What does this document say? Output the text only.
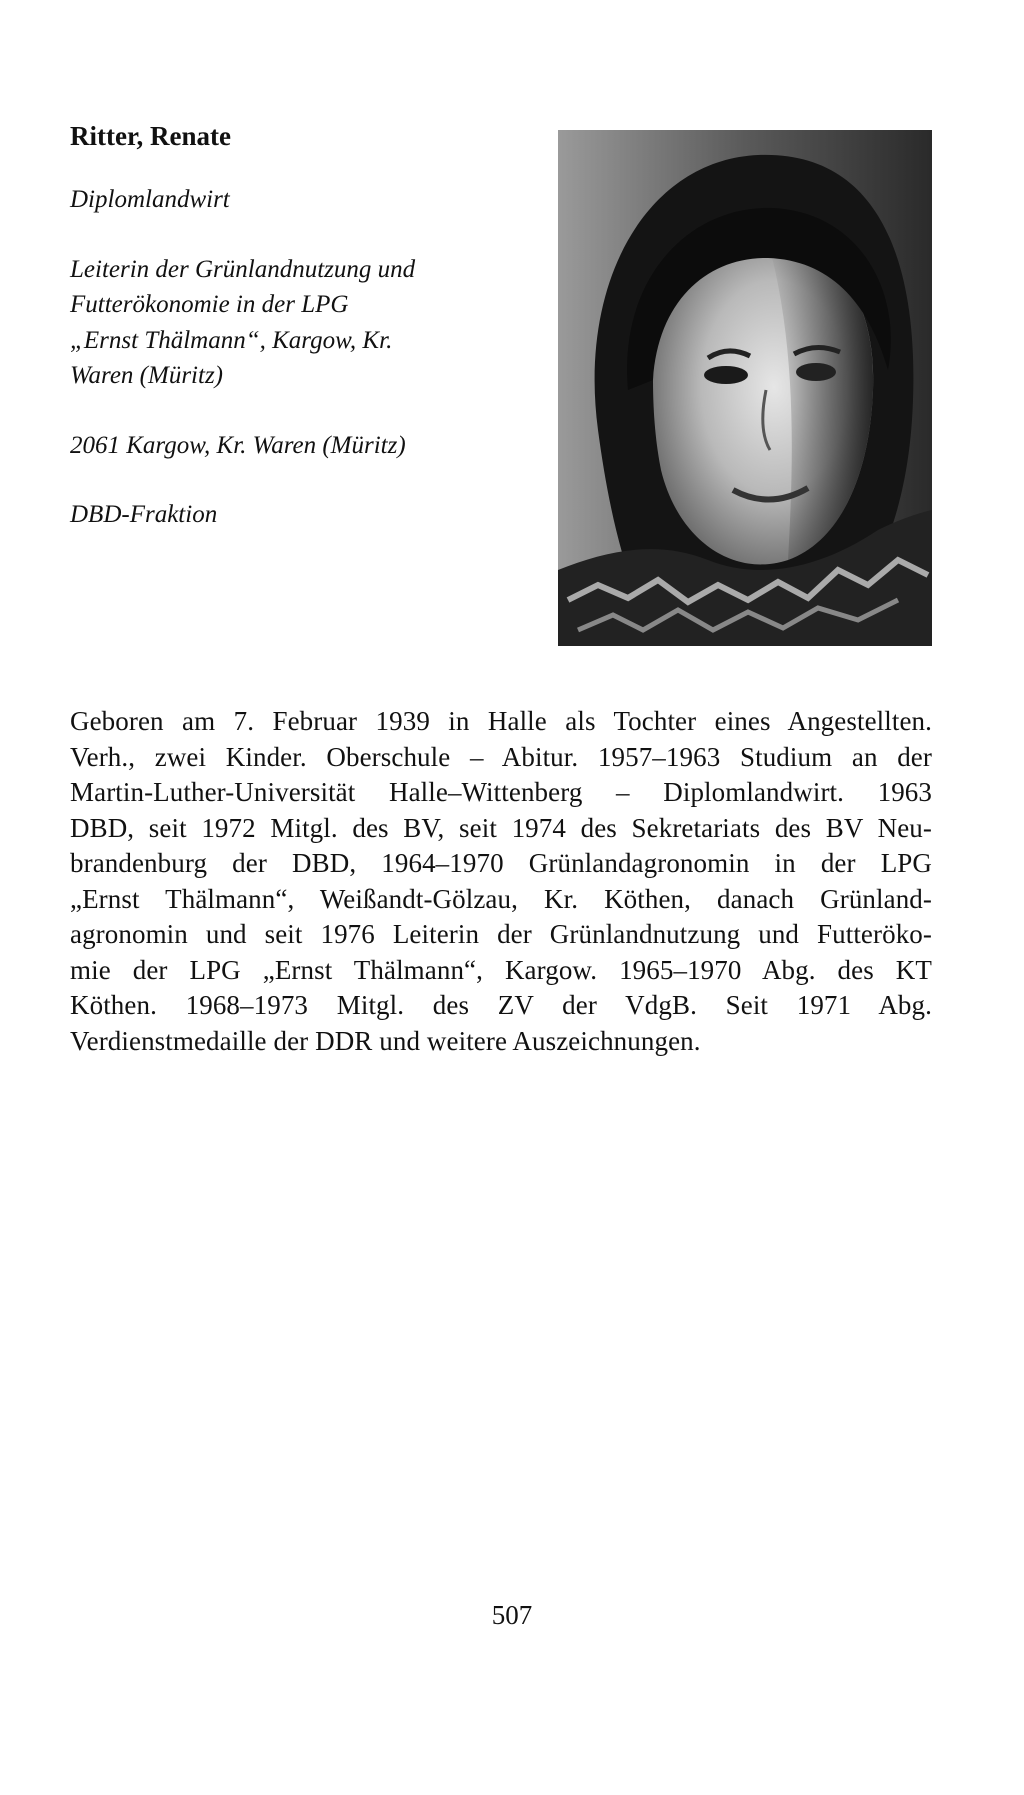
Ritter, Renate
Diplomlandwirt
Leiterin der Grünlandnutzung und
Futterökonomie in der LPG
„Ernst Thälmann“, Kargow, Kr.
Waren (Müritz)
2061 Kargow, Kr. Waren (Müritz)
DBD-Fraktion

Geboren am 7. Februar 1939 in Halle als Tochter eines Angestellten.
Verh., zwei Kinder. Oberschule – Abitur. 1957–1963 Studium an der
Martin-Luther-Universität Halle–Wittenberg – Diplomlandwirt. 1963
DBD, seit 1972 Mitgl. des BV, seit 1974 des Sekretariats des BV Neu-
brandenburg der DBD, 1964–1970 Grünlandagronomin in der LPG
„Ernst Thälmann“, Weißandt-Gölzau, Kr. Köthen, danach Grünland-
agronomin und seit 1976 Leiterin der Grünlandnutzung und Futteröko-
mie der LPG „Ernst Thälmann“, Kargow. 1965–1970 Abg. des KT
Köthen. 1968–1973 Mitgl. des ZV der VdgB. Seit 1971 Abg.
Verdienstmedaille der DDR und weitere Auszeichnungen.

507
